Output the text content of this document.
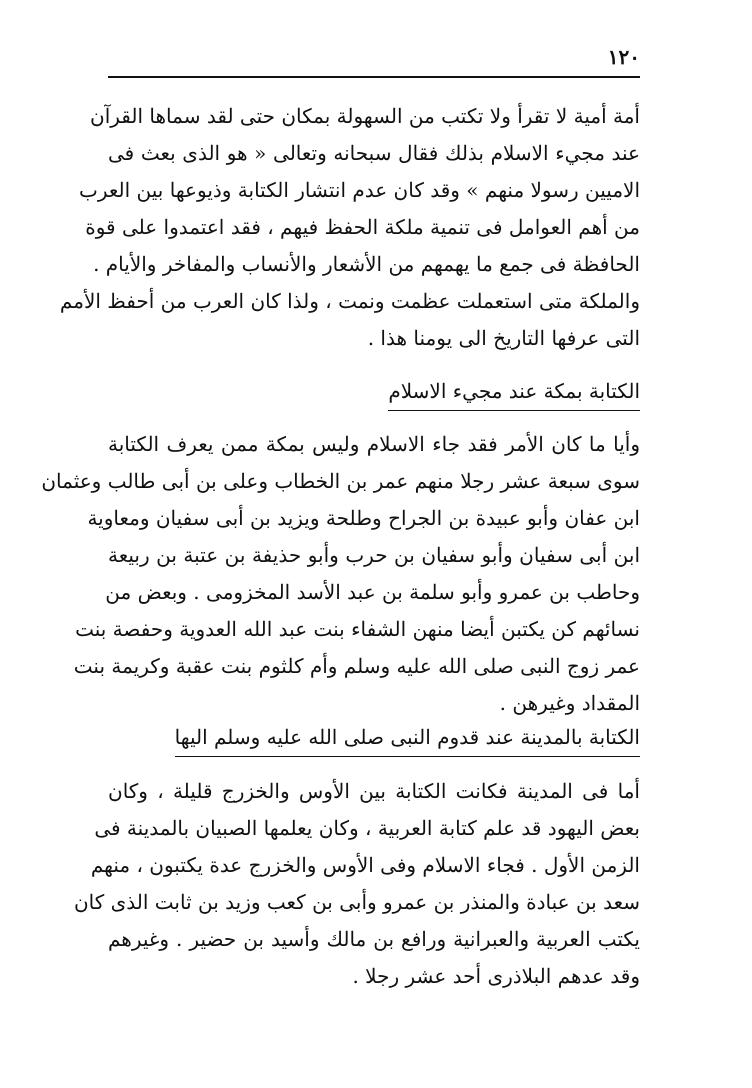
١٢٠
أمة أمية لا تقرأ ولا تكتب من السهولة بمكان حتى لقد سماها القرآن
عند مجيء الاسلام بذلك فقال سبحانه وتعالى « هو الذى بعث فى
الاميين رسولا منهم » وقد كان عدم انتشار الكتابة وذيوعها بين العرب
من أهم العوامل فى تنمية ملكة الحفظ فيهم ، فقد اعتمدوا على قوة
الحافظة فى جمع ما يهمهم من الأشعار والأنساب والمفاخر والأيام .
والملكة متى استعملت عظمت ونمت ، ولذا كان العرب من أحفظ الأمم
التى عرفها التاريخ الى يومنا هذا .
الكتابة بمكة عند مجيء الاسلام
وأيا ما كان الأمر فقد جاء الاسلام وليس بمكة ممن يعرف الكتابة
سوى سبعة عشر رجلا منهم عمر بن الخطاب وعلى بن أبى طالب وعثمان
ابن عفان وأبو عبيدة بن الجراح وطلحة ويزيد بن أبى سفيان ومعاوية
ابن أبى سفيان وأبو سفيان بن حرب وأبو حذيفة بن عتبة بن ربيعة
وحاطب بن عمرو وأبو سلمة بن عبد الأسد المخزومى . وبعض من
نسائهم كن يكتبن أيضا منهن الشفاء بنت عبد الله العدوية وحفصة بنت
عمر زوج النبى صلى الله عليه وسلم وأم كلثوم بنت عقبة وكريمة بنت
المقداد وغيرهن .
الكتابة بالمدينة عند قدوم النبى صلى الله عليه وسلم اليها
أما فى المدينة فكانت الكتابة بين الأوس والخزرج قليلة ، وكان
بعض اليهود قد علم كتابة العربية ، وكان يعلمها الصبيان بالمدينة فى
الزمن الأول . فجاء الاسلام وفى الأوس والخزرج عدة يكتبون ، منهم
سعد بن عبادة والمنذر بن عمرو وأبى بن كعب وزيد بن ثابت الذى كان
يكتب العربية والعبرانية ورافع بن مالك وأسيد بن حضير . وغيرهم
وقد عدهم البلاذرى أحد عشر رجلا .
